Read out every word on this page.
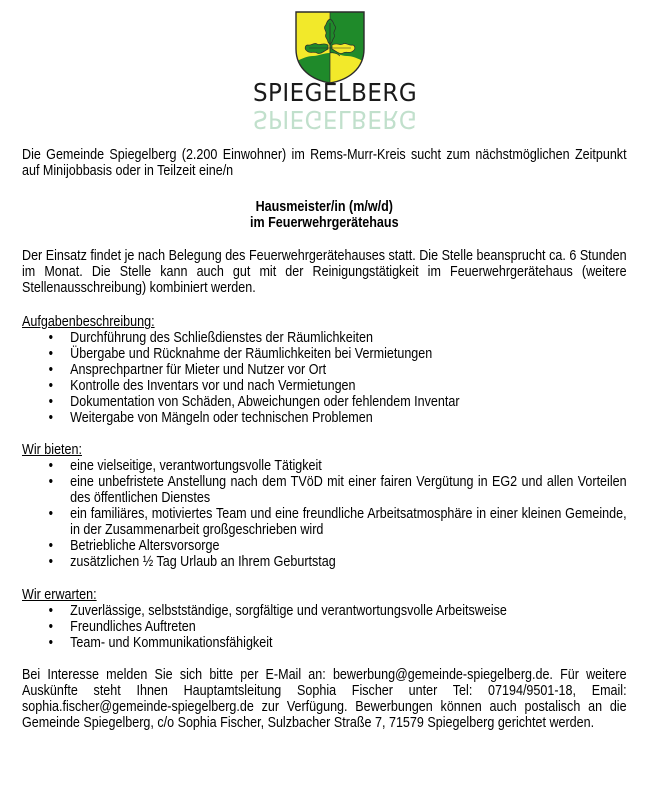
SPIEGELBERG
SPIEGELBERG

Die Gemeinde Spiegelberg (2.200 Einwohner) im Rems-Murr-Kreis sucht zum nächstmöglichen Zeitpunkt auf Minijobbasis oder in Teilzeit eine/n

Hausmeister/in (m/w/d)

im Feuerwehrgerätehaus

Der Einsatz findet je nach Belegung des Feuerwehrgerätehauses statt. Die Stelle beansprucht ca. 6 Stunden im Monat. Die Stelle kann auch gut mit der Reinigungstätigkeit im Feuerwehrgerätehaus (weitere Stellenausschreibung) kombiniert werden.

Aufgabenbeschreibung:

• Durchführung des Schließdienstes der Räumlichkeiten
• Übergabe und Rücknahme der Räumlichkeiten bei Vermietungen
• Ansprechpartner für Mieter und Nutzer vor Ort
• Kontrolle des Inventars vor und nach Vermietungen
• Dokumentation von Schäden, Abweichungen oder fehlendem Inventar
• Weitergabe von Mängeln oder technischen Problemen

Wir bieten:

• eine vielseitige, verantwortungsvolle Tätigkeit
• eine unbefristete Anstellung nach dem TVöD mit einer fairen Vergütung in EG2 und allen Vorteilen des öffentlichen Dienstes
• ein familiäres, motiviertes Team und eine freundliche Arbeitsatmosphäre in einer kleinen Gemeinde, in der Zusammenarbeit großgeschrieben wird
• Betriebliche Altersvorsorge
• zusätzlichen ½ Tag Urlaub an Ihrem Geburtstag

Wir erwarten:

• Zuverlässige, selbstständige, sorgfältige und verantwortungsvolle Arbeitsweise
• Freundliches Auftreten
• Team- und Kommunikationsfähigkeit

Bei Interesse melden Sie sich bitte per E-Mail an: bewerbung@gemeinde-spiegelberg.de. Für weitere Auskünfte steht Ihnen Hauptamtsleitung Sophia Fischer unter Tel: 07194/9501-18, Email: sophia.fischer@gemeinde-spiegelberg.de zur Verfügung. Bewerbungen können auch postalisch an die Gemeinde Spiegelberg, c/o Sophia Fischer, Sulzbacher Straße 7, 71579 Spiegelberg gerichtet werden.
